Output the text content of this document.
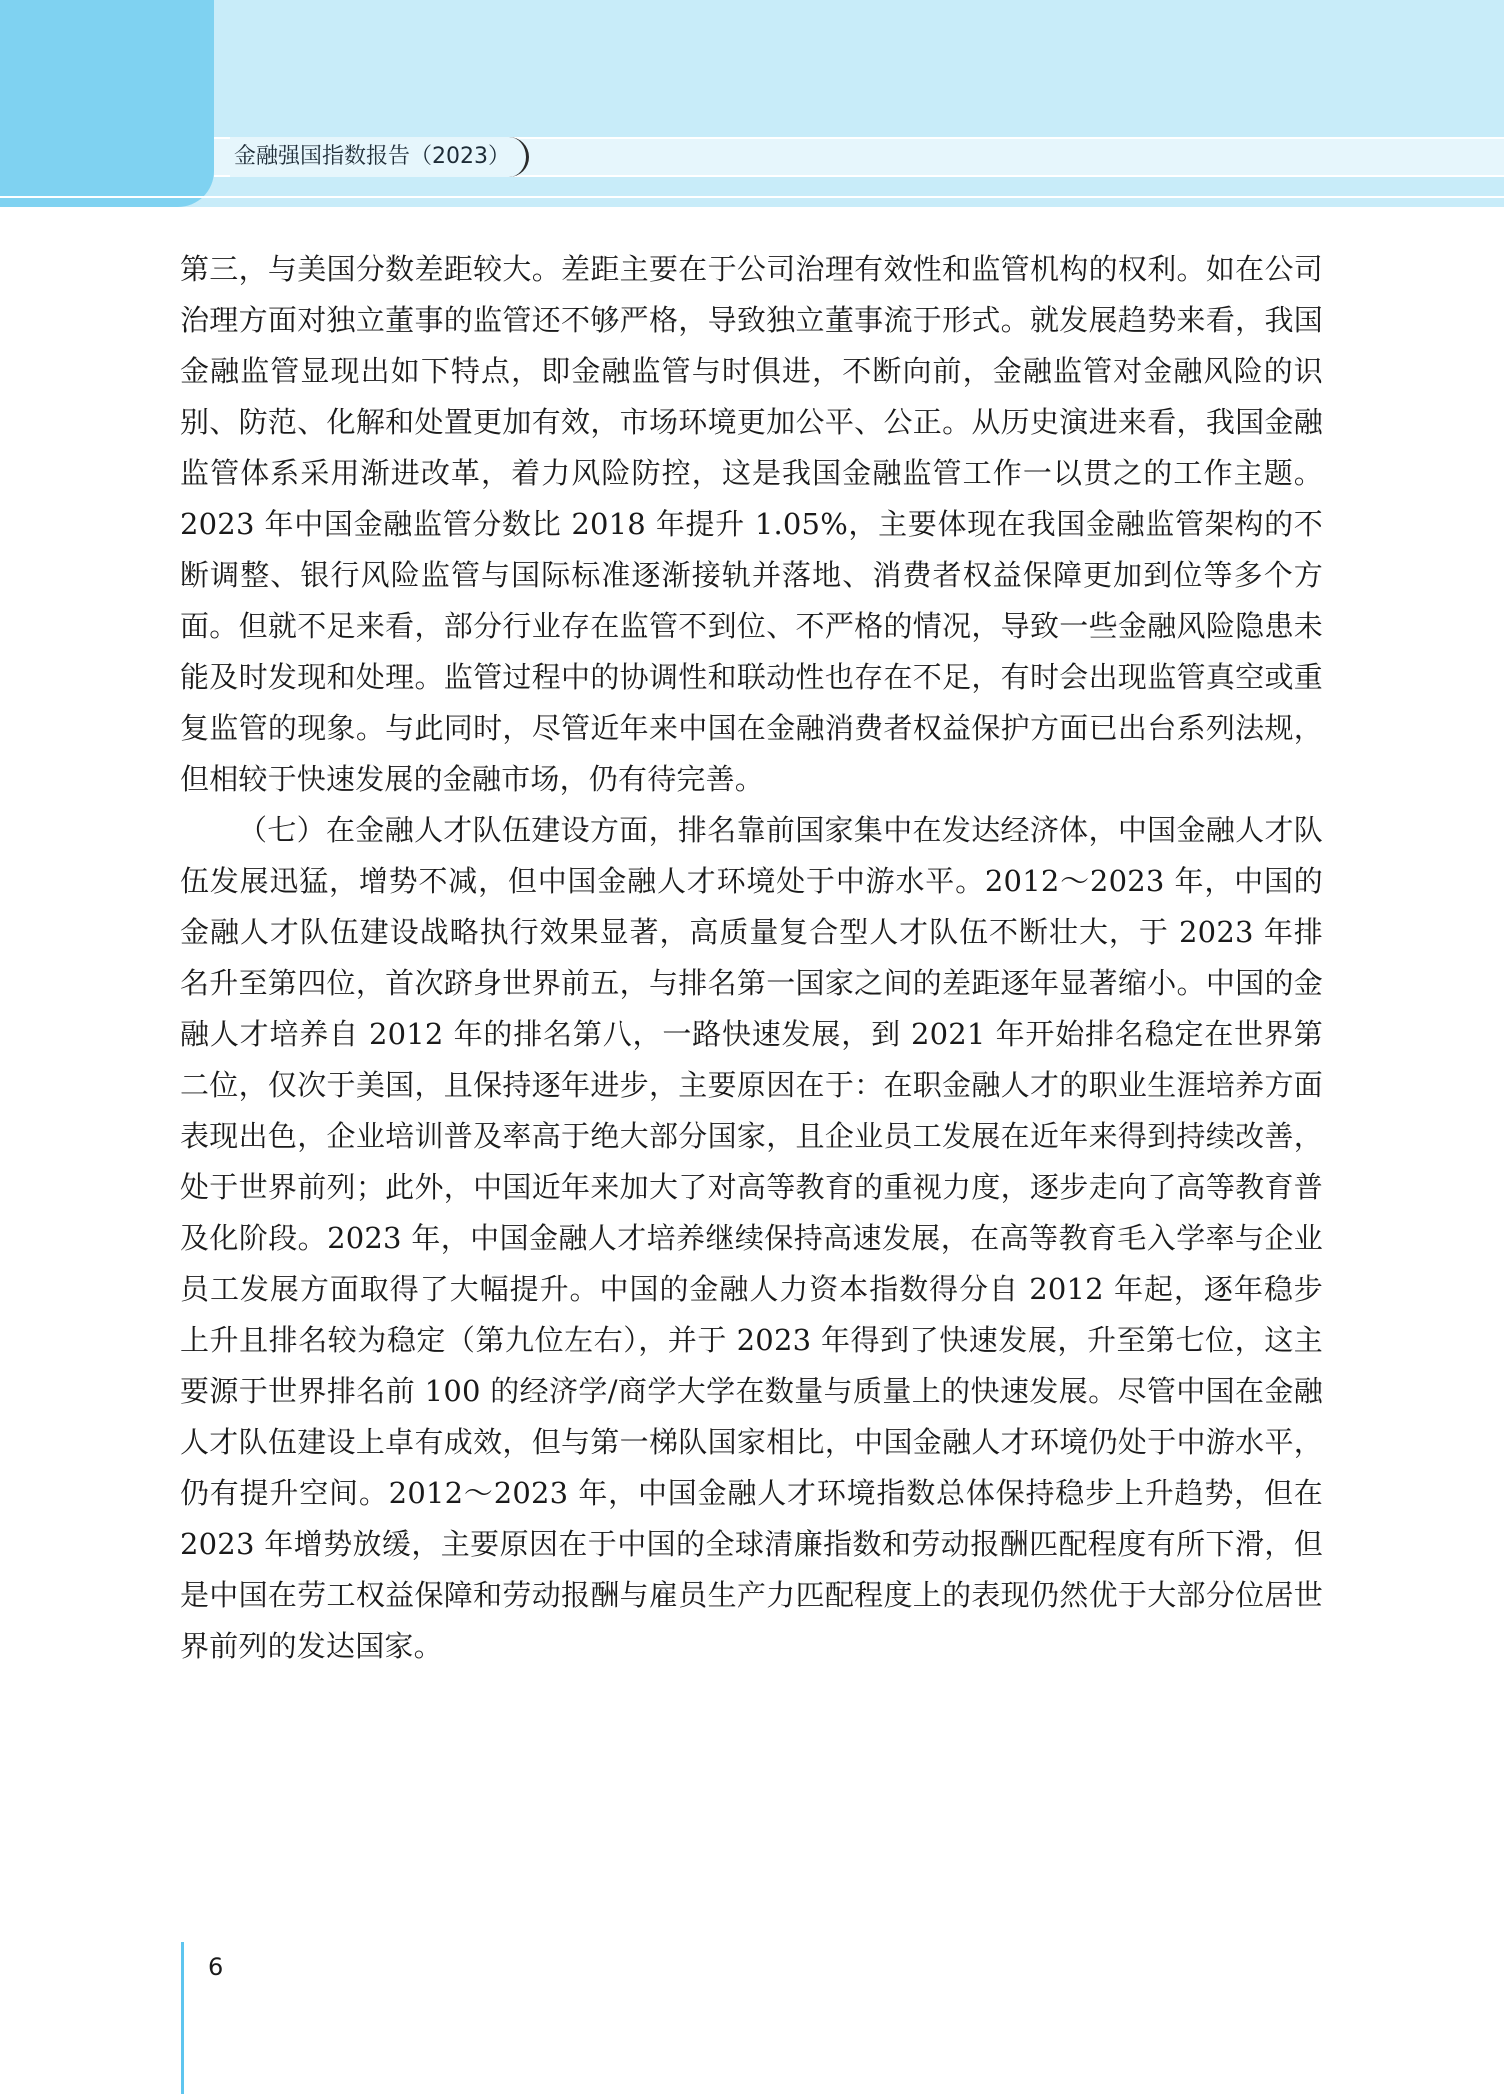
金融强国指数报告（2023）

第三，与美国分数差距较大。差距主要在于公司治理有效性和监管机构的权利。如在公司治理方面对独立董事的监管还不够严格，导致独立董事流于形式。就发展趋势来看，我国金融监管显现出如下特点，即金融监管与时俱进，不断向前，金融监管对金融风险的识别、防范、化解和处置更加有效，市场环境更加公平、公正。从历史演进来看，我国金融监管体系采用渐进改革，着力风险防控，这是我国金融监管工作一以贯之的工作主题。2023 年中国金融监管分数比 2018 年提升 1.05%，主要体现在我国金融监管架构的不断调整、银行风险监管与国际标准逐渐接轨并落地、消费者权益保障更加到位等多个方面。但就不足来看，部分行业存在监管不到位、不严格的情况，导致一些金融风险隐患未能及时发现和处理。监管过程中的协调性和联动性也存在不足，有时会出现监管真空或重复监管的现象。与此同时，尽管近年来中国在金融消费者权益保护方面已出台系列法规，但相较于快速发展的金融市场，仍有待完善。

（七）在金融人才队伍建设方面，排名靠前国家集中在发达经济体，中国金融人才队伍发展迅猛，增势不减，但中国金融人才环境处于中游水平。2012～2023 年，中国的金融人才队伍建设战略执行效果显著，高质量复合型人才队伍不断壮大，于 2023 年排名升至第四位，首次跻身世界前五，与排名第一国家之间的差距逐年显著缩小。中国的金融人才培养自 2012 年的排名第八，一路快速发展，到 2021 年开始排名稳定在世界第二位，仅次于美国，且保持逐年进步，主要原因在于：在职金融人才的职业生涯培养方面表现出色，企业培训普及率高于绝大部分国家，且企业员工发展在近年来得到持续改善，处于世界前列；此外，中国近年来加大了对高等教育的重视力度，逐步走向了高等教育普及化阶段。2023 年，中国金融人才培养继续保持高速发展，在高等教育毛入学率与企业员工发展方面取得了大幅提升。中国的金融人力资本指数得分自 2012 年起，逐年稳步上升且排名较为稳定（第九位左右），并于 2023 年得到了快速发展，升至第七位，这主要源于世界排名前 100 的经济学/商学大学在数量与质量上的快速发展。尽管中国在金融人才队伍建设上卓有成效，但与第一梯队国家相比，中国金融人才环境仍处于中游水平，仍有提升空间。2012～2023 年，中国金融人才环境指数总体保持稳步上升趋势，但在 2023 年增势放缓，主要原因在于中国的全球清廉指数和劳动报酬匹配程度有所下滑，但是中国在劳工权益保障和劳动报酬与雇员生产力匹配程度上的表现仍然优于大部分位居世界前列的发达国家。

6
